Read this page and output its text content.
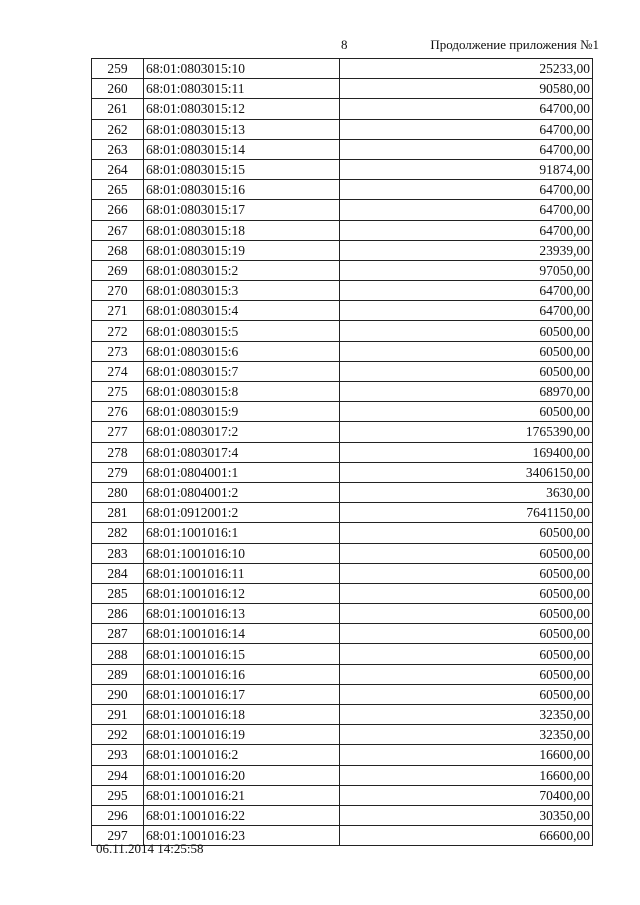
8	Продолжение приложения №1
259	68:01:0803015:10	25233,00
260	68:01:0803015:11	90580,00
261	68:01:0803015:12	64700,00
262	68:01:0803015:13	64700,00
263	68:01:0803015:14	64700,00
264	68:01:0803015:15	91874,00
265	68:01:0803015:16	64700,00
266	68:01:0803015:17	64700,00
267	68:01:0803015:18	64700,00
268	68:01:0803015:19	23939,00
269	68:01:0803015:2	97050,00
270	68:01:0803015:3	64700,00
271	68:01:0803015:4	64700,00
272	68:01:0803015:5	60500,00
273	68:01:0803015:6	60500,00
274	68:01:0803015:7	60500,00
275	68:01:0803015:8	68970,00
276	68:01:0803015:9	60500,00
277	68:01:0803017:2	1765390,00
278	68:01:0803017:4	169400,00
279	68:01:0804001:1	3406150,00
280	68:01:0804001:2	3630,00
281	68:01:0912001:2	7641150,00
282	68:01:1001016:1	60500,00
283	68:01:1001016:10	60500,00
284	68:01:1001016:11	60500,00
285	68:01:1001016:12	60500,00
286	68:01:1001016:13	60500,00
287	68:01:1001016:14	60500,00
288	68:01:1001016:15	60500,00
289	68:01:1001016:16	60500,00
290	68:01:1001016:17	60500,00
291	68:01:1001016:18	32350,00
292	68:01:1001016:19	32350,00
293	68:01:1001016:2	16600,00
294	68:01:1001016:20	16600,00
295	68:01:1001016:21	70400,00
296	68:01:1001016:22	30350,00
297	68:01:1001016:23	66600,00
06.11.2014 14:25:58
